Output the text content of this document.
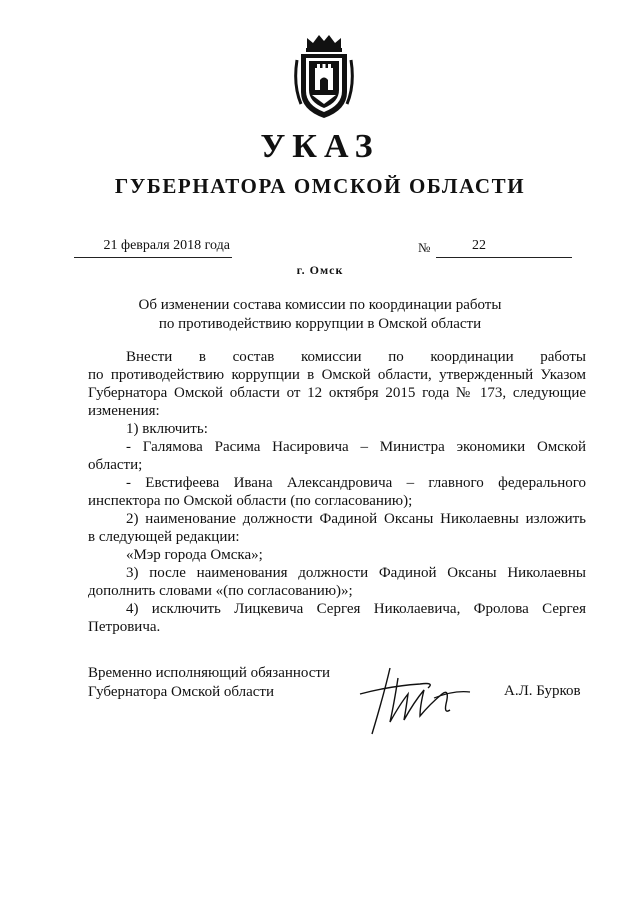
УКАЗ
ГУБЕРНАТОРА ОМСКОЙ ОБЛАСТИ
21 февраля 2018 года	№	22
г. Омск
Об изменении состава комиссии по координации работы
по противодействию коррупции в Омской области

Внести в состав комиссии по координации работы

по противодействию коррупции в Омской области, утвержденный Указом

Губернатора Омской области от 12 октября 2015 года № 173, следующие

изменения:

1) включить:

- Галямова Расима Насировича – Министра экономики Омской

области;

- Евстифеева Ивана Александровича – главного федерального

инспектора по Омской области (по согласованию);

2) наименование должности Фадиной Оксаны Николаевны изложить

в следующей редакции:

«Мэр города Омска»;

3) после наименования должности Фадиной Оксаны Николаевны

дополнить словами «(по согласованию)»;

4) исключить Лицкевича Сергея Николаевича, Фролова Сергея

Петровича.

Временно исполняющий обязанности
Губернатора Омской области	А.Л. Бурков
